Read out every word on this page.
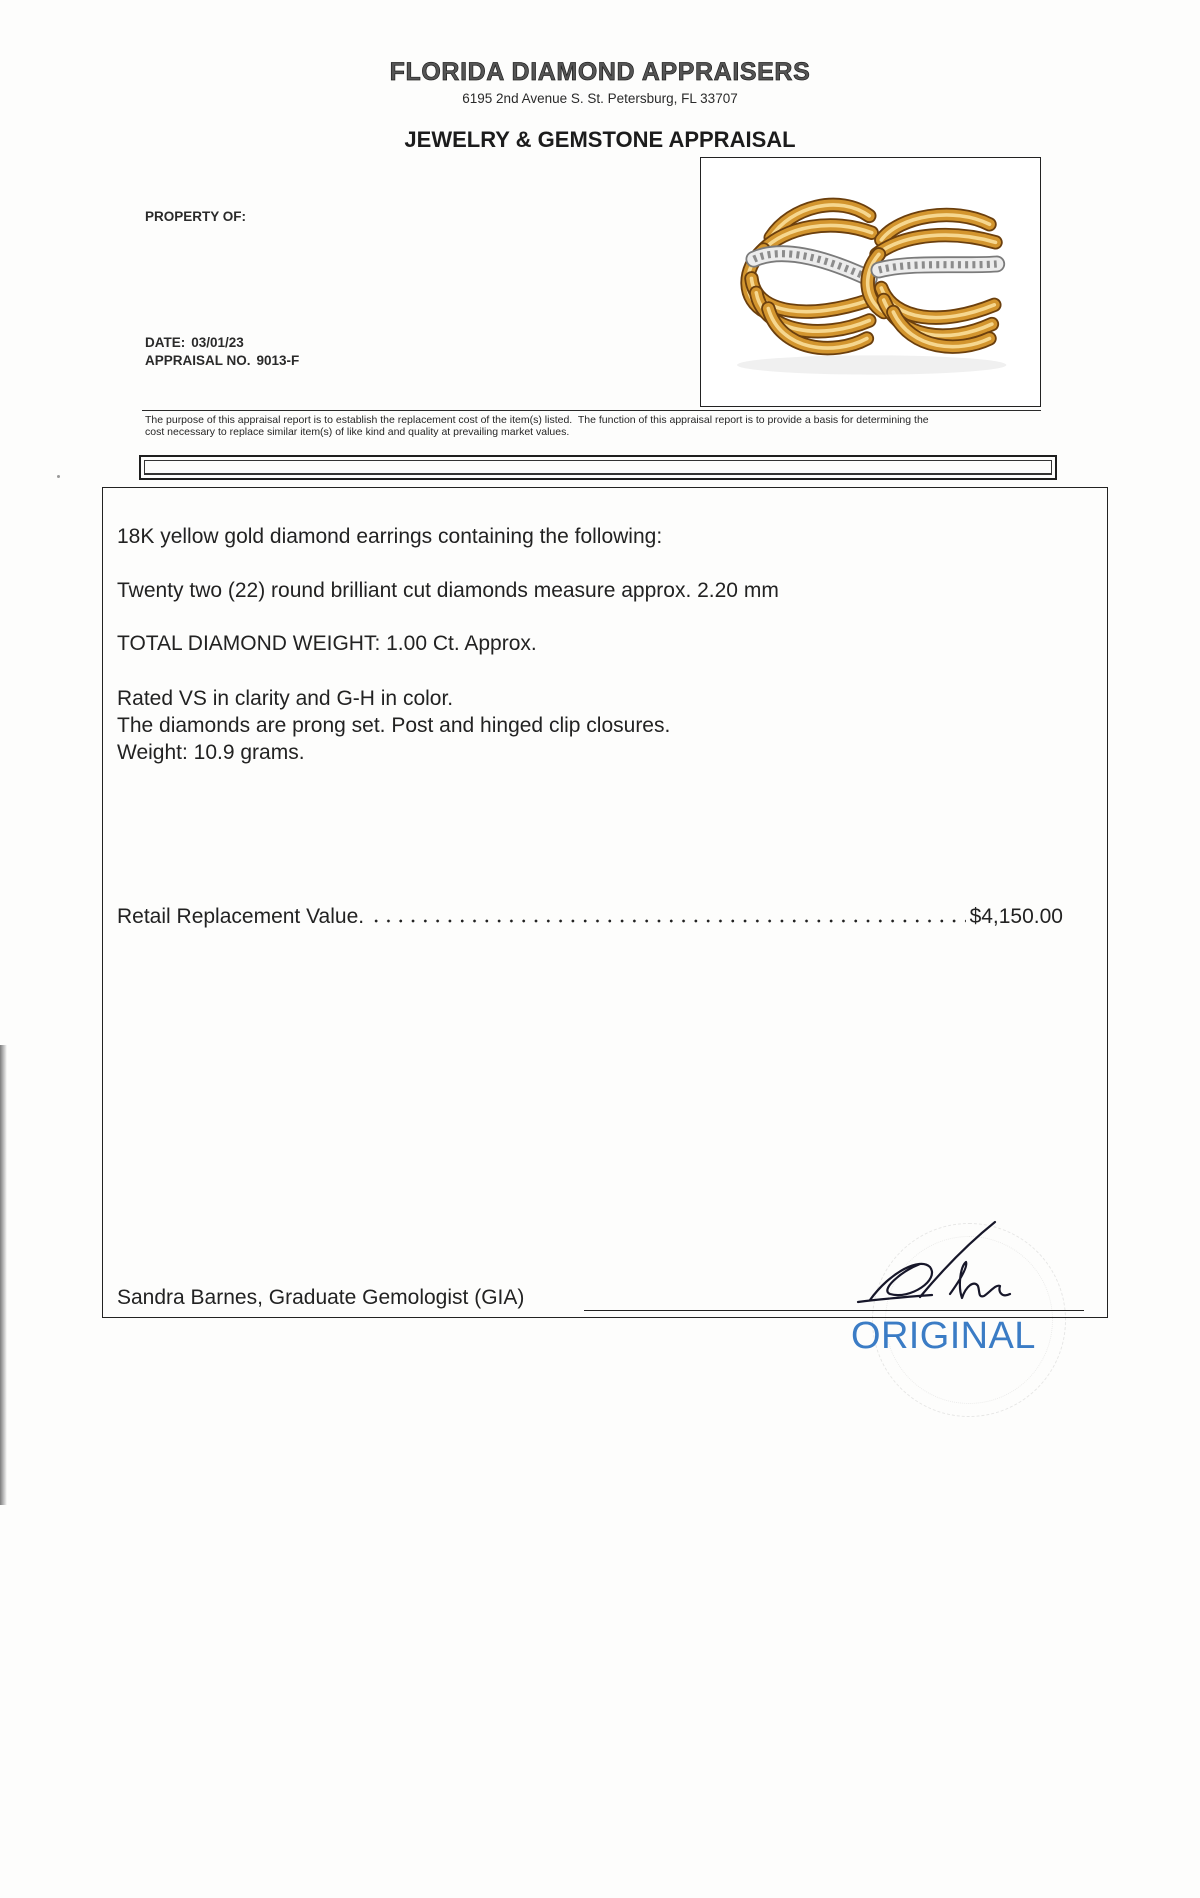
FLORIDA DIAMOND APPRAISERS
6195 2nd Avenue S. St. Petersburg, FL 33707
JEWELRY & GEMSTONE APPRAISAL
PROPERTY OF:
DATE: 03/01/23
APPRAISAL NO. 9013-F
The purpose of this appraisal report is to establish the replacement cost of the item(s) listed.  The function of this appraisal report is to provide a basis for determining the
cost necessary to replace similar item(s) of like kind and quality at prevailing market values.
18K yellow gold diamond earrings containing the following:
Twenty two (22) round brilliant cut diamonds measure approx. 2.20 mm
TOTAL DIAMOND WEIGHT: 1.00 Ct. Approx.
Rated VS in clarity and G-H in color.
The diamonds are prong set. Post and hinged clip closures.
Weight: 10.9 grams.
Retail Replacement Value.	$4,150.00
Sandra Barnes, Graduate Gemologist (GIA)
ORIGINAL
